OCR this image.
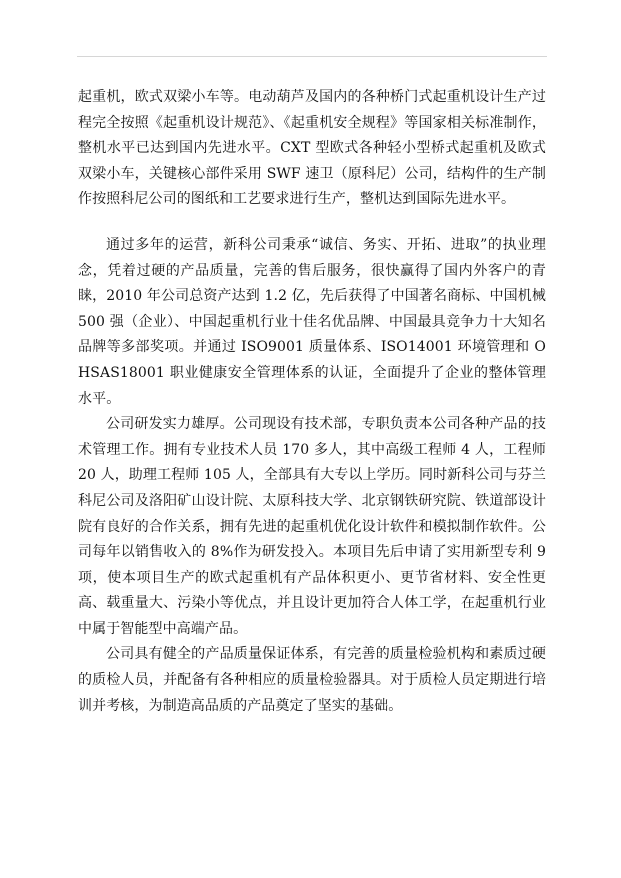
起重机，欧式双梁小车等。电动葫芦及国内的各种桥门式起重机设计生产过程完全按照《起重机设计规范》、《起重机安全规程》等国家相关标准制作，整机水平已达到国内先进水平。CXT 型欧式各种轻小型桥式起重机及欧式双梁小车，关键核心部件采用 SWF 速卫（原科尼）公司，结构件的生产制作按照科尼公司的图纸和工艺要求进行生产，整机达到国际先进水平。

通过多年的运营，新科公司秉承“诚信、务实、开拓、进取”的执业理念，凭着过硬的产品质量，完善的售后服务，很快赢得了国内外客户的青睐，2010 年公司总资产达到 1.2 亿，先后获得了中国著名商标、中国机械 500 强（企业）、中国起重机行业十佳名优品牌、中国最具竞争力十大知名品牌等多部奖项。并通过 ISO9001 质量体系、ISO14001 环境管理和 OHSAS18001 职业健康安全管理体系的认证，全面提升了企业的整体管理水平。

公司研发实力雄厚。公司现设有技术部，专职负责本公司各种产品的技术管理工作。拥有专业技术人员 170 多人，其中高级工程师 4 人，工程师 20 人，助理工程师 105 人，全部具有大专以上学历。同时新科公司与芬兰科尼公司及洛阳矿山设计院、太原科技大学、北京钢铁研究院、铁道部设计院有良好的合作关系，拥有先进的起重机优化设计软件和模拟制作软件。公司每年以销售收入的 8%作为研发投入。本项目先后申请了实用新型专利 9 项，使本项目生产的欧式起重机有产品体积更小、更节省材料、安全性更高、载重量大、污染小等优点，并且设计更加符合人体工学，在起重机行业中属于智能型中高端产品。

公司具有健全的产品质量保证体系，有完善的质量检验机构和素质过硬的质检人员，并配备有各种相应的质量检验器具。对于质检人员定期进行培训并考核，为制造高品质的产品奠定了坚实的基础。
